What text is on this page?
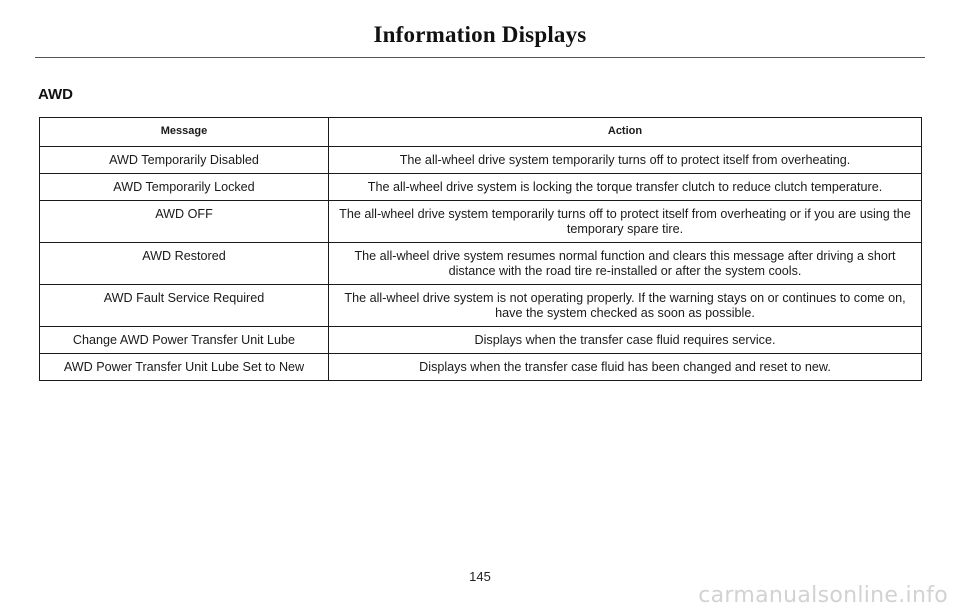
Information Displays
AWD
Message	Action
AWD Temporarily Disabled	The all-wheel drive system temporarily turns off to protect itself from overheating.
AWD Temporarily Locked	The all-wheel drive system is locking the torque transfer clutch to reduce clutch temperature.
AWD OFF	The all-wheel drive system temporarily turns off to protect itself from overheating or if you are using the temporary spare tire.
AWD Restored	The all-wheel drive system resumes normal function and clears this message after driving a short distance with the road tire re-installed or after the system cools.
AWD Fault Service Required	The all-wheel drive system is not operating properly. If the warning stays on or continues to come on, have the system checked as soon as possible.
Change AWD Power Transfer Unit Lube	Displays when the transfer case fluid requires service.
AWD Power Transfer Unit Lube Set to New	Displays when the transfer case fluid has been changed and reset to new.
145
carmanualsonline.info
